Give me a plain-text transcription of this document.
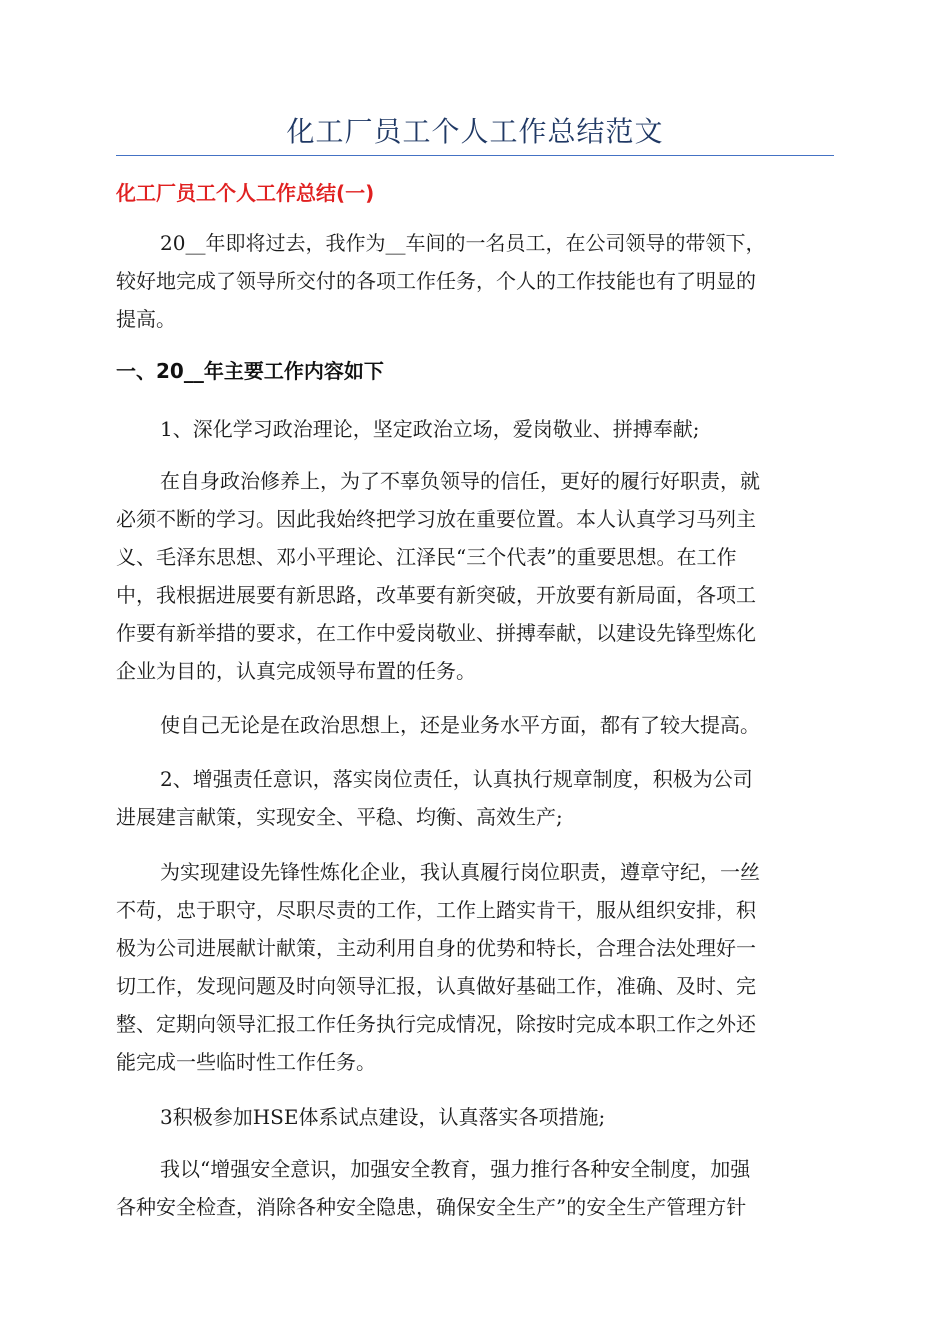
化工厂员工个人工作总结范文
化工厂员工个人工作总结(一)
20__年即将过去，我作为__车间的一名员工，在公司领导的带领下，
较好地完成了领导所交付的各项工作任务，个人的工作技能也有了明显的
提高。
一、20__年主要工作内容如下
1、深化学习政治理论，坚定政治立场，爱岗敬业、拼搏奉献;
在自身政治修养上，为了不辜负领导的信任，更好的履行好职责，就
必须不断的学习。因此我始终把学习放在重要位置。本人认真学习马列主
义、毛泽东思想、邓小平理论、江泽民“三个代表”的重要思想。在工作
中，我根据进展要有新思路，改革要有新突破，开放要有新局面，各项工
作要有新举措的要求，在工作中爱岗敬业、拼搏奉献，以建设先锋型炼化
企业为目的，认真完成领导布置的任务。
使自己无论是在政治思想上，还是业务水平方面，都有了较大提高。
2、增强责任意识，落实岗位责任，认真执行规章制度，积极为公司
进展建言献策，实现安全、平稳、均衡、高效生产;
为实现建设先锋性炼化企业，我认真履行岗位职责，遵章守纪，一丝
不苟，忠于职守，尽职尽责的工作，工作上踏实肯干，服从组织安排，积
极为公司进展献计献策，主动利用自身的优势和特长，合理合法处理好一
切工作，发现问题及时向领导汇报，认真做好基础工作，准确、及时、完
整、定期向领导汇报工作任务执行完成情况，除按时完成本职工作之外还
能完成一些临时性工作任务。
3积极参加HSE体系试点建设，认真落实各项措施;
我以“增强安全意识，加强安全教育，强力推行各种安全制度，加强
各种安全检查，消除各种安全隐患，确保安全生产”的安全生产管理方针
